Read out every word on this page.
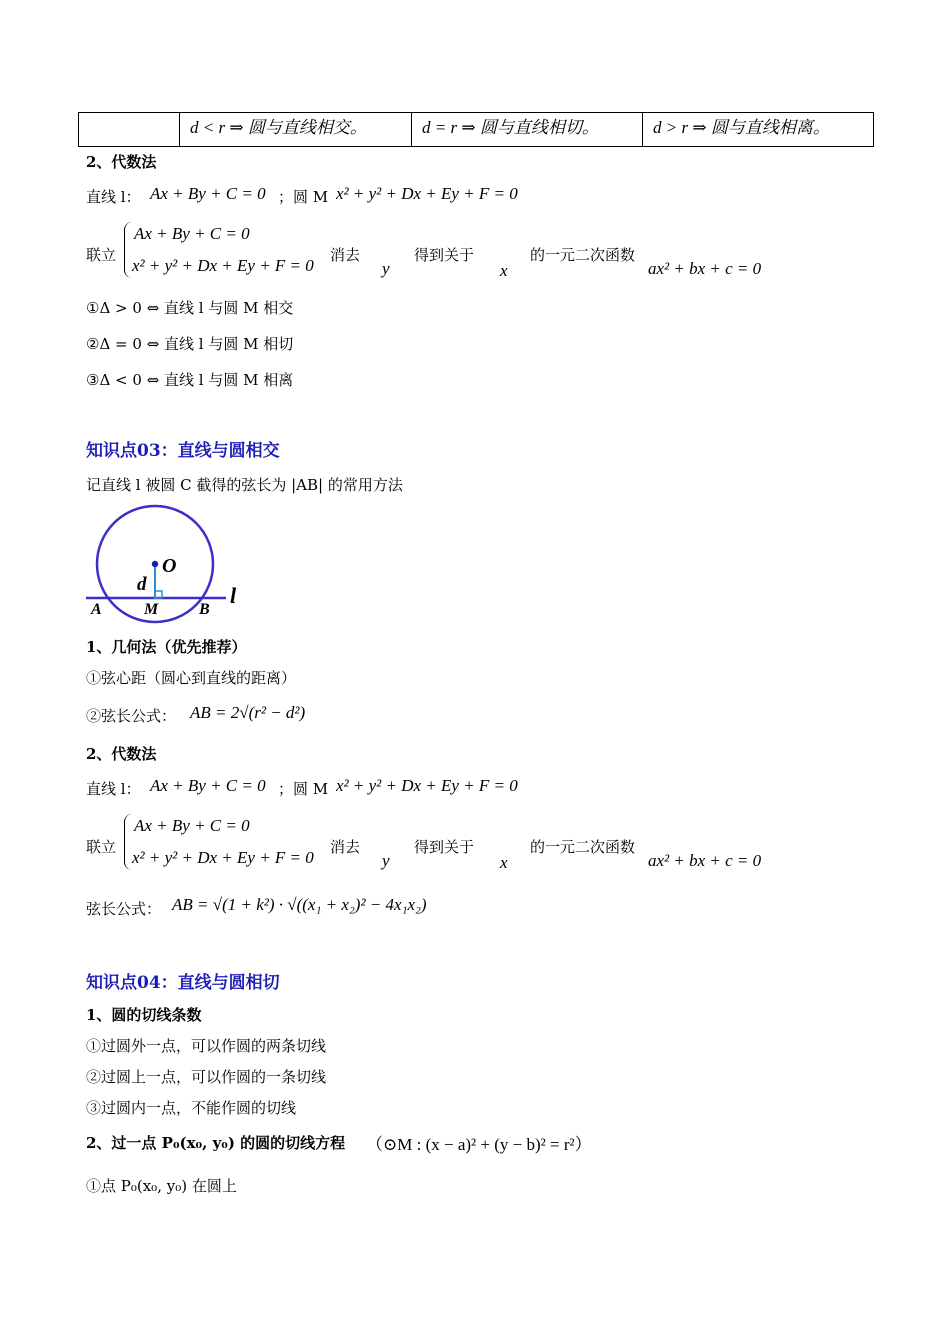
	d < r ⇒ 圆与直线相交。	d = r ⇒ 圆与直线相切。	d > r ⇒ 圆与直线相离。
2、代数法
直线 l： Ax + By + C = 0 ；圆 M x² + y² + Dx + Ey + F = 0
联立
Ax + By + C = 0
x² + y² + Dx + Ey + F = 0
消去
y
得到关于
x
的一元二次函数
ax² + bx + c = 0
①Δ > 0 ⇔ 直线 l 与圆 M 相交
②Δ = 0 ⇔ 直线 l 与圆 M 相切
③Δ < 0 ⇔ 直线 l 与圆 M 相离
知识点03：直线与圆相交
记直线 l 被圆 C 截得的弦长为 |AB| 的常用方法
O
d
A	M	B
l
1、几何法（优先推荐）
①弦心距（圆心到直线的距离）
②弦长公式： AB = 2√(r² − d²)
2、代数法
直线 l： Ax + By + C = 0 ；圆 M x² + y² + Dx + Ey + F = 0
联立
Ax + By + C = 0
x² + y² + Dx + Ey + F = 0
消去
y
得到关于
x
的一元二次函数
ax² + bx + c = 0
弦长公式： AB = √(1 + k²) · √((x₁ + x₂)² − 4x₁x₂)
知识点04：直线与圆相切
1、圆的切线条数
①过圆外一点，可以作圆的两条切线
②过圆上一点，可以作圆的一条切线
③过圆内一点，不能作圆的切线
2、过一点 P₀(x₀, y₀) 的圆的切线方程 （⊙M : (x − a)² + (y − b)² = r²）
①点 P₀(x₀, y₀) 在圆上
